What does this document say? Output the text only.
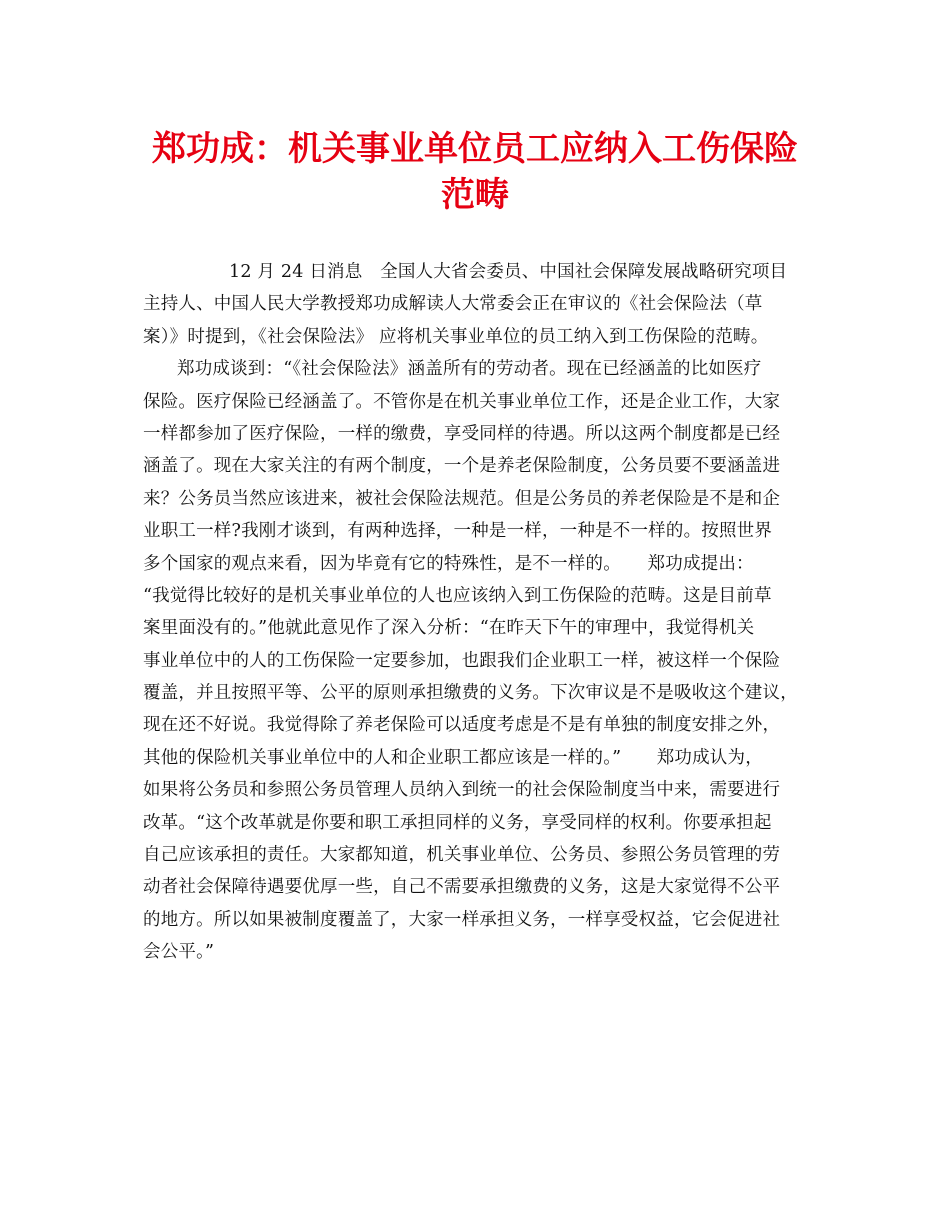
郑功成：机关事业单位员工应纳入工伤保险
范畴
12 月 24 日消息　全国人大省会委员、中国社会保障发展战略研究项目
主持人、中国人民大学教授郑功成解读人大常委会正在审议的《社会保险法（草
案）》时提到，《社会保险法》 应将机关事业单位的员工纳入到工伤保险的范畴。
郑功成谈到：“《社会保险法》涵盖所有的劳动者。现在已经涵盖的比如医疗
保险。医疗保险已经涵盖了。不管你是在机关事业单位工作，还是企业工作，大家
一样都参加了医疗保险，一样的缴费，享受同样的待遇。所以这两个制度都是已经
涵盖了。现在大家关注的有两个制度，一个是养老保险制度，公务员要不要涵盖进
来？公务员当然应该进来，被社会保险法规范。但是公务员的养老保险是不是和企
业职工一样?我刚才谈到，有两种选择，一种是一样，一种是不一样的。按照世界
多个国家的观点来看，因为毕竟有它的特殊性，是不一样的。　　郑功成提出：
“我觉得比较好的是机关事业单位的人也应该纳入到工伤保险的范畴。这是目前草
案里面没有的。”他就此意见作了深入分析：“在昨天下午的审理中，我觉得机关
事业单位中的人的工伤保险一定要参加，也跟我们企业职工一样，被这样一个保险
覆盖，并且按照平等、公平的原则承担缴费的义务。下次审议是不是吸收这个建议，
现在还不好说。我觉得除了养老保险可以适度考虑是不是有单独的制度安排之外，
其他的保险机关事业单位中的人和企业职工都应该是一样的。”　　郑功成认为，
如果将公务员和参照公务员管理人员纳入到统一的社会保险制度当中来，需要进行
改革。“这个改革就是你要和职工承担同样的义务，享受同样的权利。你要承担起
自己应该承担的责任。大家都知道，机关事业单位、公务员、参照公务员管理的劳
动者社会保障待遇要优厚一些，自己不需要承担缴费的义务，这是大家觉得不公平
的地方。所以如果被制度覆盖了，大家一样承担义务，一样享受权益，它会促进社
会公平。”
